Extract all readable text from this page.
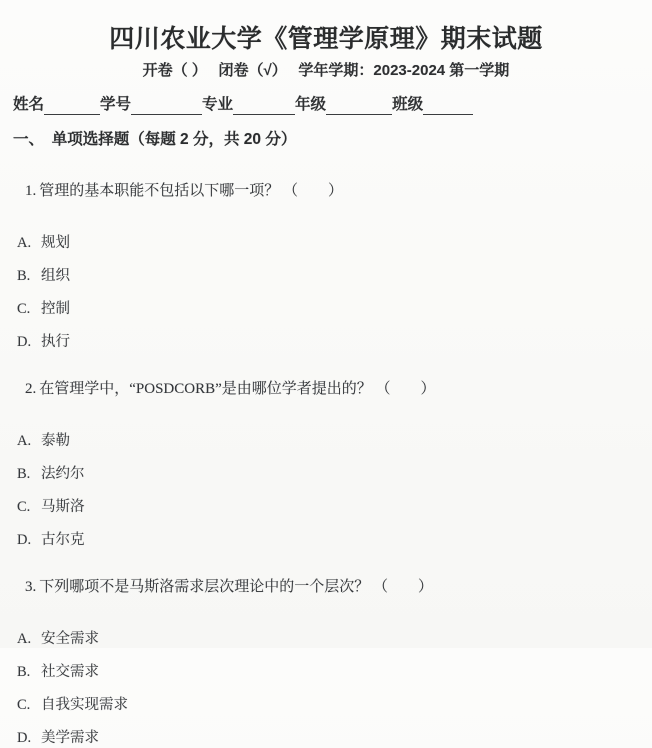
四川农业大学《管理学原理》期末试题
开卷（ ）　 闭卷（√）　 学年学期：2023-2024 第一学期
姓名	学号	专业	年级	班级
一、　单项选择题（每题 2 分，共 20 分）

1. 管理的基本职能不包括以下哪一项？ （　　）

A. 规划
B. 组织
C. 控制
D. 执行

2. 在管理学中，“POSDCORB”是由哪位学者提出的？ （　　）

A. 泰勒
B. 法约尔
C. 马斯洛
D. 古尔克

3. 下列哪项不是马斯洛需求层次理论中的一个层次？ （　　）

A. 安全需求
B. 社交需求
C. 自我实现需求
D. 美学需求
